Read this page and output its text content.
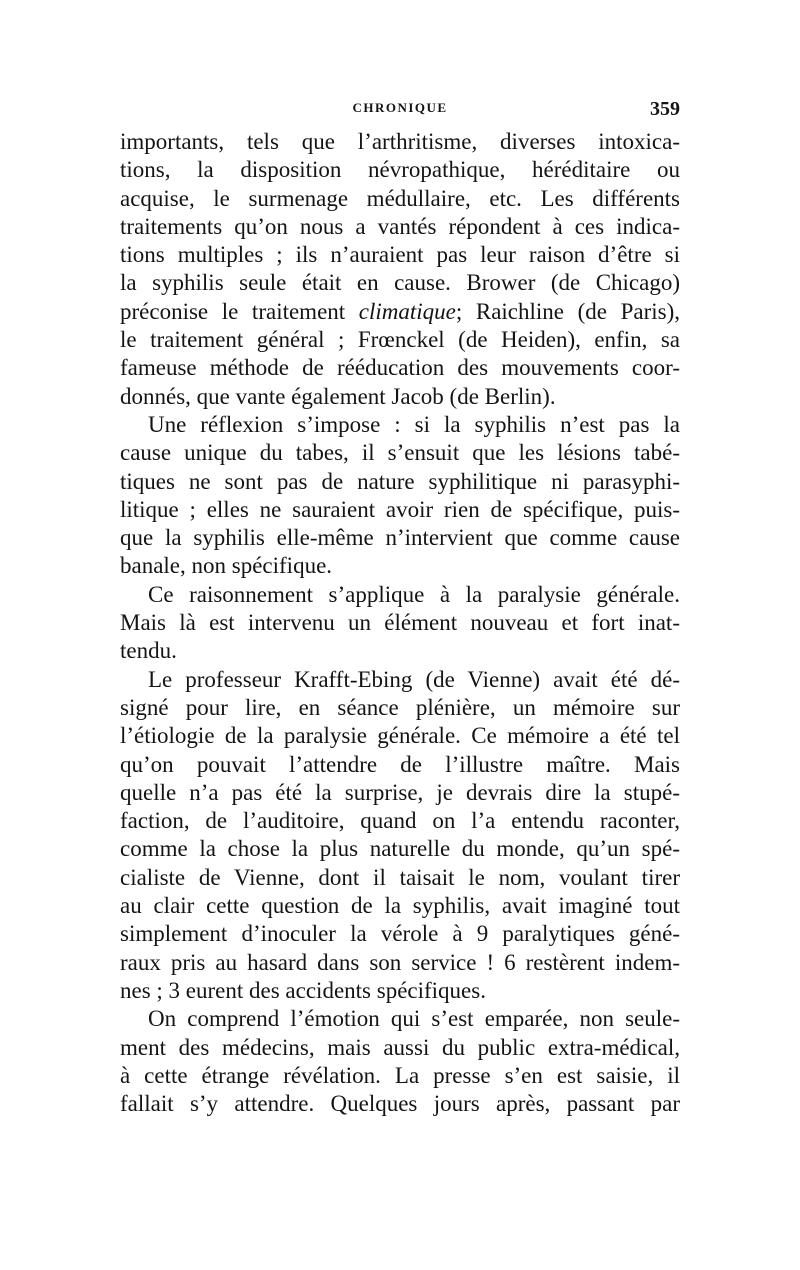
CHRONIQUE	359
importants, tels que l’arthritisme, diverses intoxica-
tions, la disposition névropathique, héréditaire ou
acquise, le surmenage médullaire, etc. Les différents
traitements qu’on nous a vantés répondent à ces indica-
tions multiples ; ils n’auraient pas leur raison d’être si
la syphilis seule était en cause. Brower (de Chicago)
préconise le traitement climatique; Raichline (de Paris),
le traitement général ; Frœnckel (de Heiden), enfin, sa
fameuse méthode de rééducation des mouvements coor-
donnés, que vante également Jacob (de Berlin).
Une réflexion s’impose : si la syphilis n’est pas la
cause unique du tabes, il s’ensuit que les lésions tabé-
tiques ne sont pas de nature syphilitique ni parasyphi-
litique ; elles ne sauraient avoir rien de spécifique, puis-
que la syphilis elle-même n’intervient que comme cause
banale, non spécifique.
Ce raisonnement s’applique à la paralysie générale.
Mais là est intervenu un élément nouveau et fort inat-
tendu.
Le professeur Krafft-Ebing (de Vienne) avait été dé-
signé pour lire, en séance plénière, un mémoire sur
l’étiologie de la paralysie générale. Ce mémoire a été tel
qu’on pouvait l’attendre de l’illustre maître. Mais
quelle n’a pas été la surprise, je devrais dire la stupé-
faction, de l’auditoire, quand on l’a entendu raconter,
comme la chose la plus naturelle du monde, qu’un spé-
cialiste de Vienne, dont il taisait le nom, voulant tirer
au clair cette question de la syphilis, avait imaginé tout
simplement d’inoculer la vérole à 9 paralytiques géné-
raux pris au hasard dans son service ! 6 restèrent indem-
nes ; 3 eurent des accidents spécifiques.
On comprend l’émotion qui s’est emparée, non seule-
ment des médecins, mais aussi du public extra-médical,
à cette étrange révélation. La presse s’en est saisie, il
fallait s’y attendre. Quelques jours après, passant par
